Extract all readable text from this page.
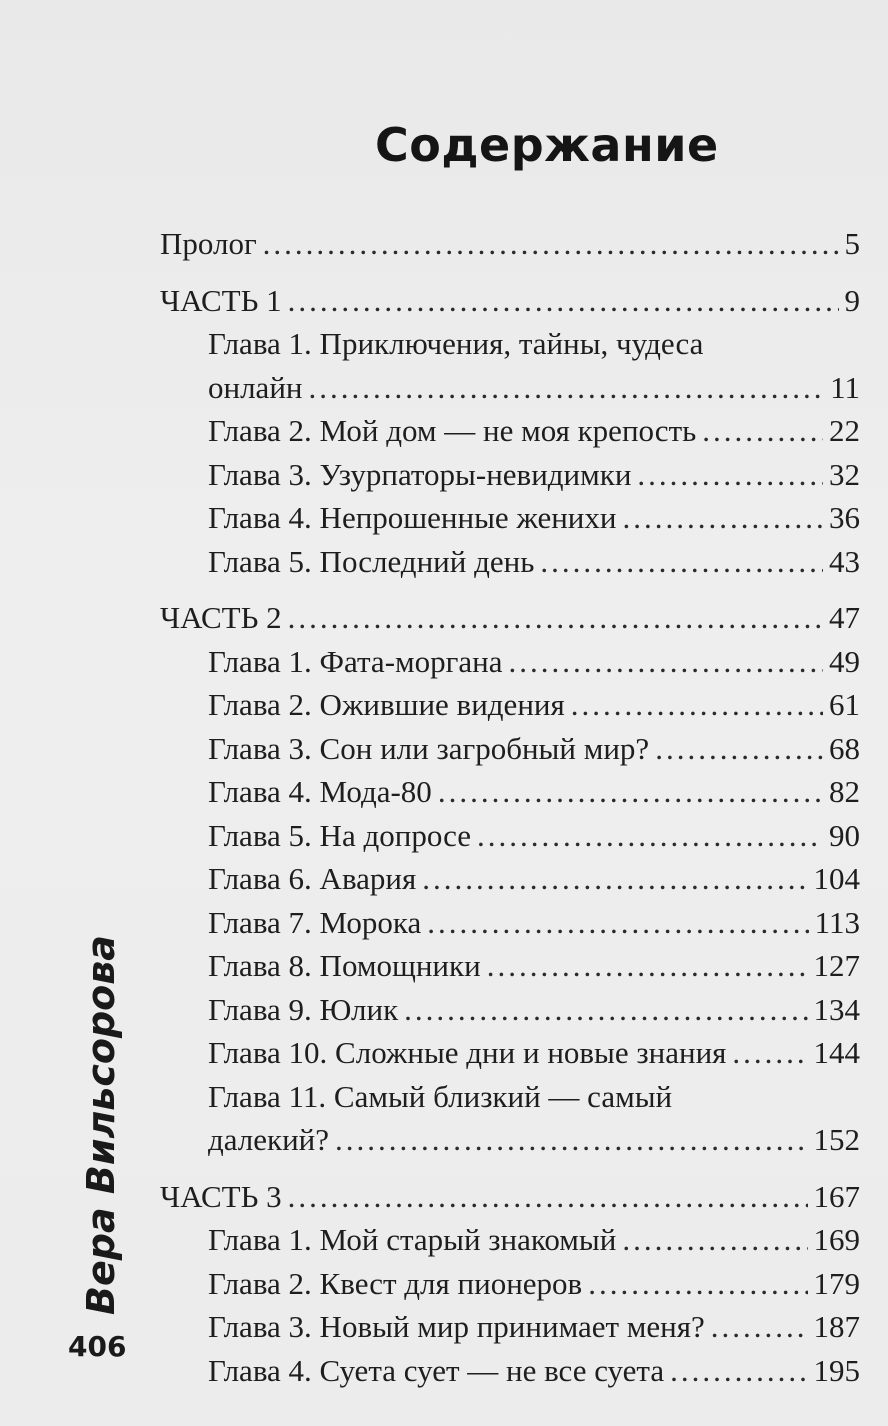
Содержание
Пролог .....	5
ЧАСТЬ 1 .....	9
Глава 1. Приключения, тайны, чудеса
онлайн .....	11
Глава 2. Мой дом — не моя крепость .....	22
Глава 3. Узурпаторы-невидимки .....	32
Глава 4. Непрошенные женихи .....	36
Глава 5. Последний день .....	43
ЧАСТЬ 2 .....	47
Глава 1. Фата-моргана .....	49
Глава 2. Ожившие видения .....	61
Глава 3. Сон или загробный мир? .....	68
Глава 4. Мода-80 .....	82
Глава 5. На допросе .....	90
Глава 6. Авария .....	104
Глава 7. Морока .....	113
Глава 8. Помощники .....	127
Глава 9. Юлик .....	134
Глава 10. Сложные дни и новые знания .....	144
Глава 11. Самый близкий — самый
далекий? .....	152
ЧАСТЬ 3 .....	167
Глава 1. Мой старый знакомый .....	169
Глава 2. Квест для пионеров .....	179
Глава 3. Новый мир принимает меня? .....	187
Глава 4. Суета сует — не все суета .....	195
Вера Вильсорова
406
